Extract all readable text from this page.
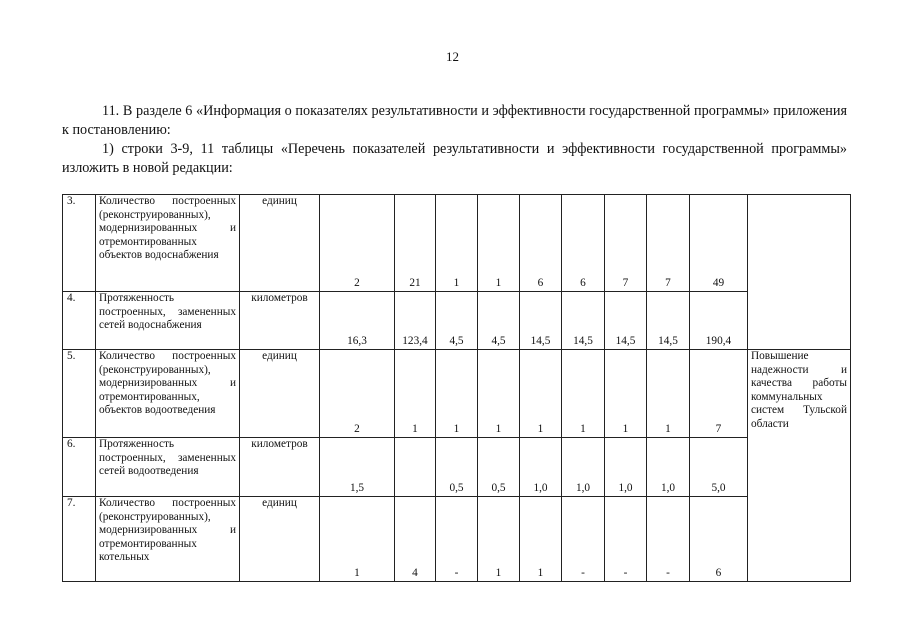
12
11. В разделе 6 «Информация о показателях результативности и эффективности государственной программы» приложения к постановлению:
1) строки 3-9, 11 таблицы «Перечень показателей результативности и эффективности государственной программы» изложить в новой редакции:
3.	Количество построенных (реконструированных), модернизированных и отремонтированных объектов водоснабжения	единиц	2	21	1	1	6	6	7	7	49	
4.	Протяженность построенных, замененных сетей водоснабжения	километров	16,3	123,4	4,5	4,5	14,5	14,5	14,5	14,5	190,4	
5.	Количество построенных (реконструированных), модернизированных и отремонтированных, объектов водоотведения	единиц	2	1	1	1	1	1	1	1	7	Повышение надежности и качества работы коммунальных систем Тульской области
6.	Протяженность построенных, замененных сетей водоотведения	километров	1,5		0,5	0,5	1,0	1,0	1,0	1,0	5,0	
7.	Количество построенных (реконструированных), модернизированных и отремонтированных котельных	единиц	1	4	-	1	1	-	-	-	6	
